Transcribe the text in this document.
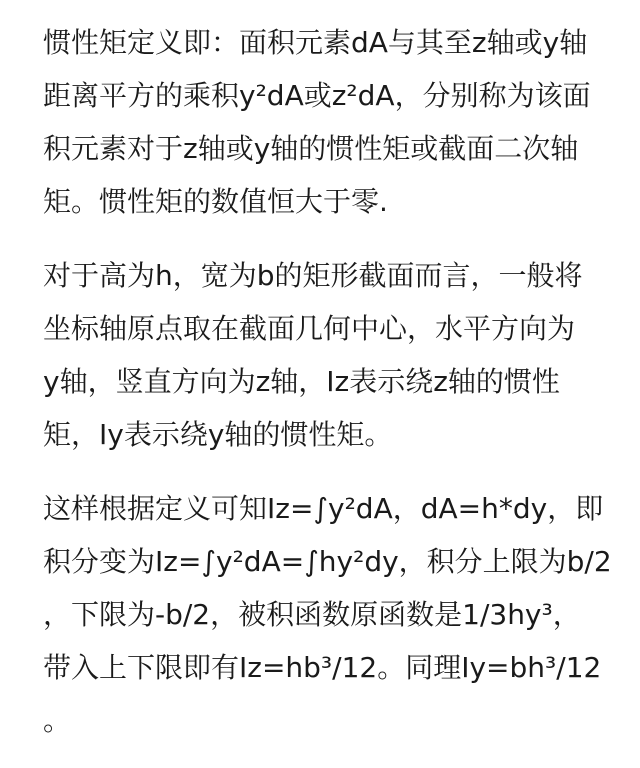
惯性矩定义即：面积元素dA与其至z轴或y轴
距离平方的乘积y²dA或z²dA，分别称为该面
积元素对于z轴或y轴的惯性矩或截面二次轴
矩。惯性矩的数值恒大于零.
对于高为h，宽为b的矩形截面而言，一般将
坐标轴原点取在截面几何中心，水平方向为
y轴，竖直方向为z轴，Iz表示绕z轴的惯性
矩，Iy表示绕y轴的惯性矩。
这样根据定义可知Iz=∫y²dA，dA=h*dy，即
积分变为Iz=∫y²dA=∫hy²dy，积分上限为b/2
，下限为-b/2，被积函数原函数是1/3hy³，
带入上下限即有Iz=hb³/12。同理Iy=bh³/12
。
